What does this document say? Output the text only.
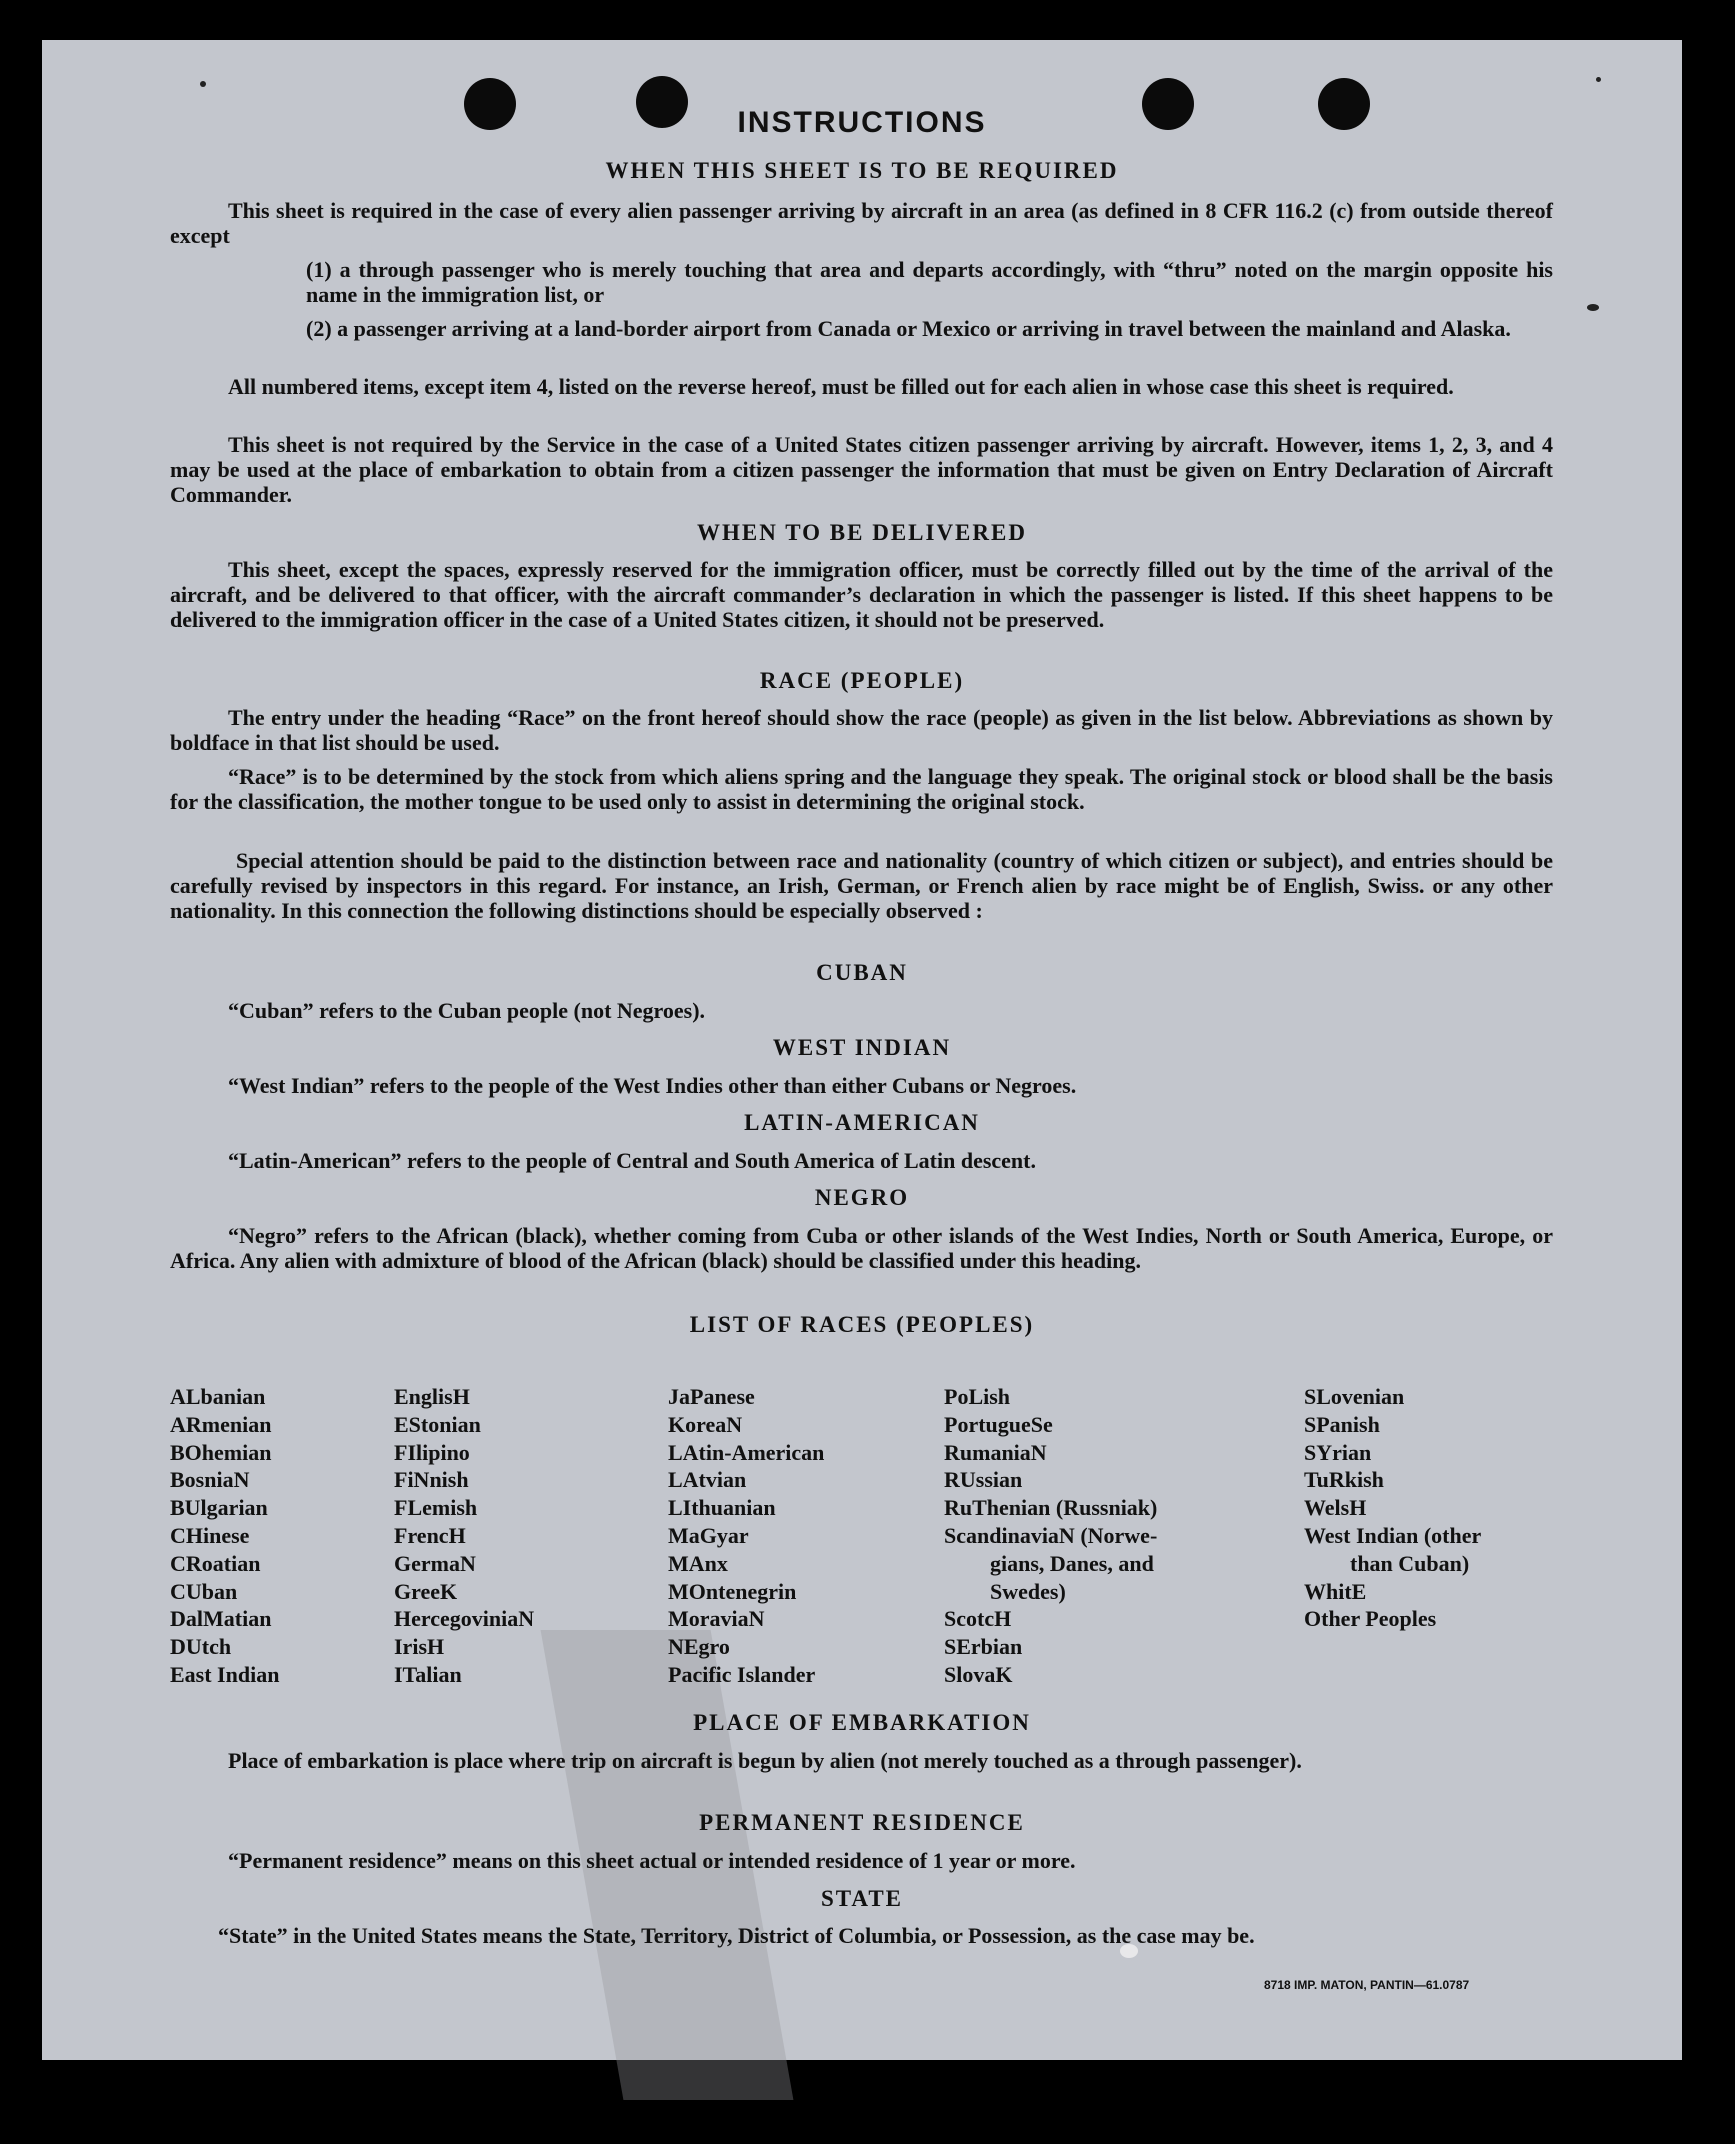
INSTRUCTIONS
WHEN THIS SHEET IS TO BE REQUIRED

This sheet is required in the case of every alien passenger arriving by aircraft in an area (as defined in 8 CFR 116.2 (c) from outside thereof except

(1) a through passenger who is merely touching that area and departs accordingly, with “thru” noted on the margin opposite his name in the immigration list, or

(2) a passenger arriving at a land-border airport from Canada or Mexico or arriving in travel between the mainland and Alaska.

All numbered items, except item 4, listed on the reverse hereof, must be filled out for each alien in whose case this sheet is required.

This sheet is not required by the Service in the case of a United States citizen passenger arriving by aircraft. However, items 1, 2, 3, and 4 may be used at the place of embarkation to obtain from a citizen passenger the information that must be given on Entry Declaration of Aircraft Commander.

WHEN TO BE DELIVERED

This sheet, except the spaces, expressly reserved for the immigration officer, must be correctly filled out by the time of the arrival of the aircraft, and be delivered to that officer, with the aircraft commander’s declaration in which the passenger is listed. If this sheet happens to be delivered to the immigration officer in the case of a United States citizen, it should not be preserved.

RACE (PEOPLE)

The entry under the heading “Race” on the front hereof should show the race (people) as given in the list below. Abbreviations as shown by boldface in that list should be used.

“Race” is to be determined by the stock from which aliens spring and the language they speak. The original stock or blood shall be the basis for the classification, the mother tongue to be used only to assist in determining the original stock.

Special attention should be paid to the distinction between race and nationality (country of which citizen or subject), and entries should be carefully revised by inspectors in this regard. For instance, an Irish, German, or French alien by race might be of English, Swiss. or any other nationality. In this connection the following distinctions should be especially observed :

CUBAN
“Cuban” refers to the Cuban people (not Negroes).
WEST INDIAN
“West Indian” refers to the people of the West Indies other than either Cubans or Negroes.
LATIN-AMERICAN
“Latin-American” refers to the people of Central and South America of Latin descent.
NEGRO

“Negro” refers to the African (black), whether coming from Cuba or other islands of the West Indies, North or South America, Europe, or Africa. Any alien with admixture of blood of the African (black) should be classified under this heading.

LIST OF RACES (PEOPLES)
ALbanian
ARmenian
BOhemian
BosniaN
BUlgarian
CHinese
CRoatian
CUban
DalMatian
DUtch
East Indian
EnglisH
EStonian
FIlipino
FiNnish
FLemish
FrencH
GermaN
GreeK
HercegoviniaN
IrisH
ITalian
JaPanese
KoreaN
LAtin-American
LAtvian
LIthuanian
MaGyar
MAnx
MOntenegrin
MoraviaN
NEgro
Pacific Islander
PoLish
PortugueSe
RumaniaN
RUssian
RuThenian (Russniak)
ScandinaviaN (Norwe-
gians, Danes, and
Swedes)
ScotcH
SErbian
SlovaK
SLovenian
SPanish
SYrian
TuRkish
WelsH
West Indian (other
than Cuban)
WhitE
Other Peoples
PLACE OF EMBARKATION

Place of embarkation is place where trip on aircraft is begun by alien (not merely touched as a through passenger).

PERMANENT RESIDENCE
“Permanent residence” means on this sheet actual or intended residence of 1 year or more.
STATE
“State” in the United States means the State, Territory, District of Columbia, or Possession, as the case may be.
8718 IMP. MATON, PANTIN—61.0787
